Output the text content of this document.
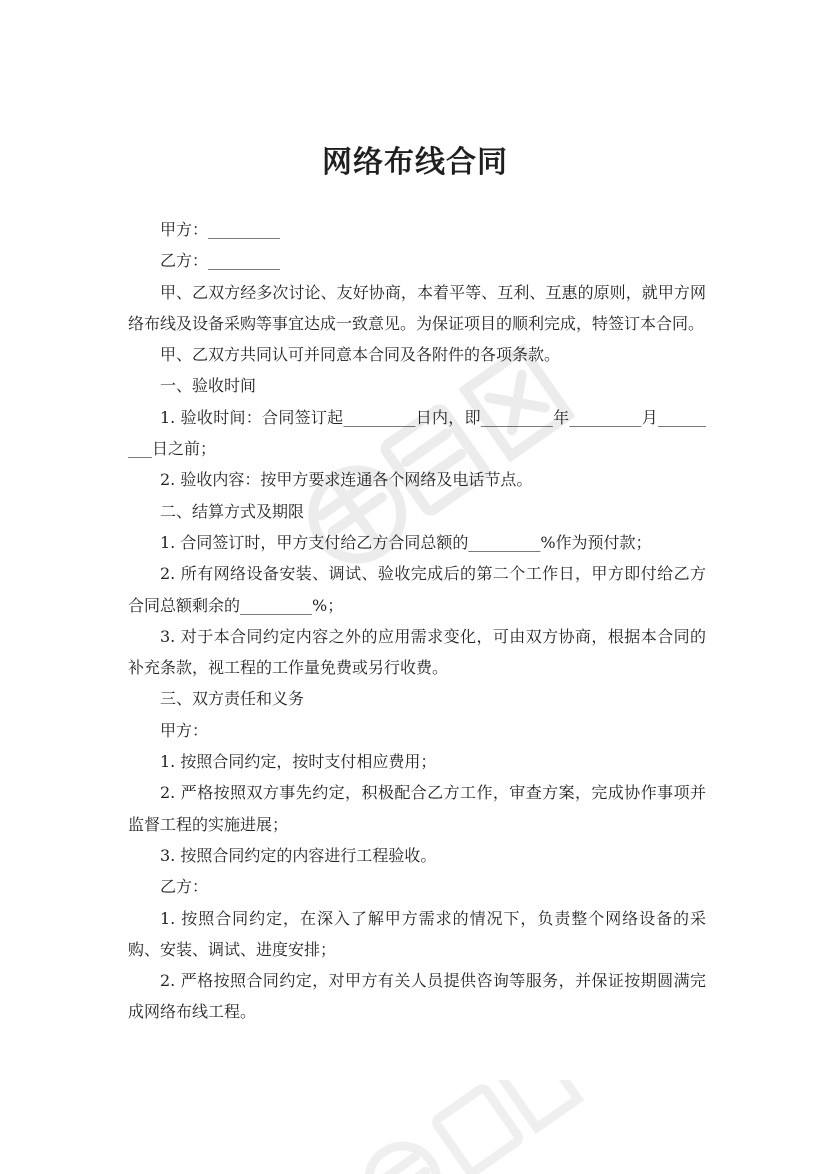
网络布线合同

甲方：_________

乙方：_________

甲、乙双方经多次讨论、友好协商，本着平等、互利、互惠的原则，就甲方网络布线及设备采购等事宜达成一致意见。为保证项目的顺利完成，特签订本合同。

甲、乙双方共同认可并同意本合同及各附件的各项条款。

一、验收时间

1. 验收时间：合同签订起_________日内，即_________年_________月_________日之前；

2. 验收内容：按甲方要求连通各个网络及电话节点。

二、结算方式及期限

1. 合同签订时，甲方支付给乙方合同总额的_________%作为预付款；

2. 所有网络设备安装、调试、验收完成后的第二个工作日，甲方即付给乙方合同总额剩余的_________%；

3. 对于本合同约定内容之外的应用需求变化，可由双方协商，根据本合同的补充条款，视工程的工作量免费或另行收费。

三、双方责任和义务

甲方：

1. 按照合同约定，按时支付相应费用；

2. 严格按照双方事先约定，积极配合乙方工作，审查方案，完成协作事项并监督工程的实施进展；

3. 按照合同约定的内容进行工程验收。

乙方：

1. 按照合同约定，在深入了解甲方需求的情况下，负责整个网络设备的采购、安装、调试、进度安排；

2. 严格按照合同约定，对甲方有关人员提供咨询等服务，并保证按期圆满完成网络布线工程。
